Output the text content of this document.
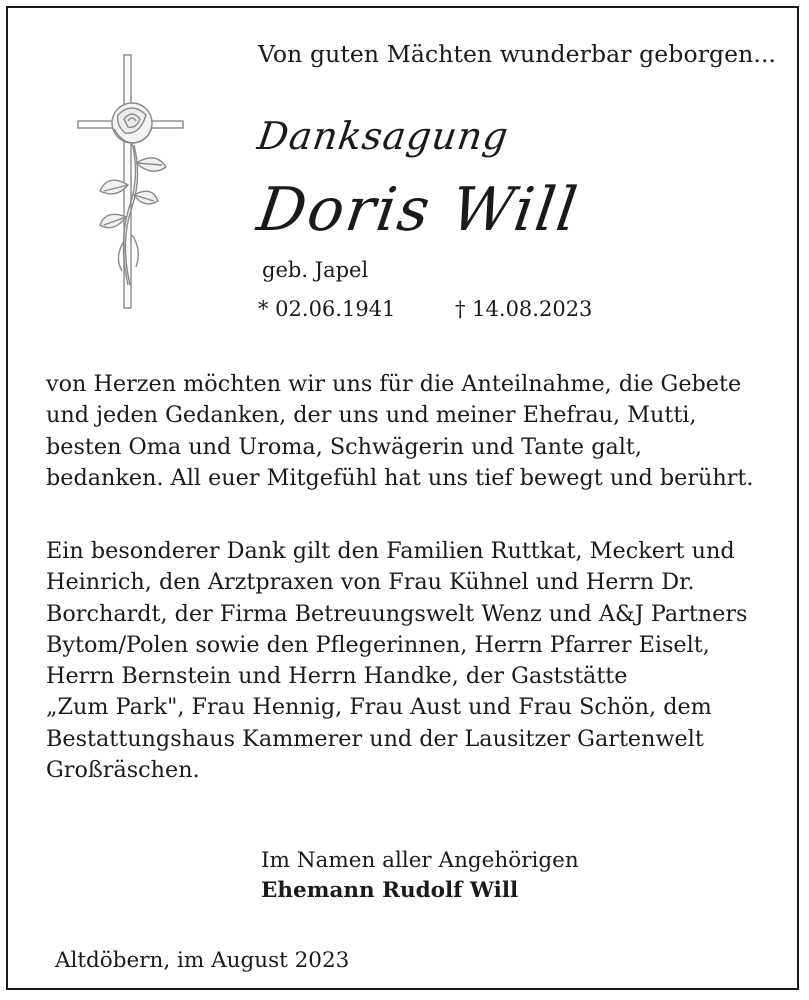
Von guten Mächten wunderbar geborgen...
Danksagung
Doris Will
geb. Japel
* 02.06.1941	† 14.08.2023
von Herzen möchten wir uns für die Anteilnahme, die Gebete
und jeden Gedanken, der uns und meiner Ehefrau, Mutti,
besten Oma und Uroma, Schwägerin und Tante galt,
bedanken. All euer Mitgefühl hat uns tief bewegt und berührt.
Ein besonderer Dank gilt den Familien Ruttkat, Meckert und
Heinrich, den Arztpraxen von Frau Kühnel und Herrn Dr.
Borchardt, der Firma Betreuungswelt Wenz und A&J Partners
Bytom/Polen sowie den Pflegerinnen, Herrn Pfarrer Eiselt,
Herrn Bernstein und Herrn Handke, der Gaststätte
„Zum Park", Frau Hennig, Frau Aust und Frau Schön, dem
Bestattungshaus Kammerer und der Lausitzer Gartenwelt
Großräschen.
Im Namen aller Angehörigen
Ehemann Rudolf Will
Altdöbern, im August 2023
